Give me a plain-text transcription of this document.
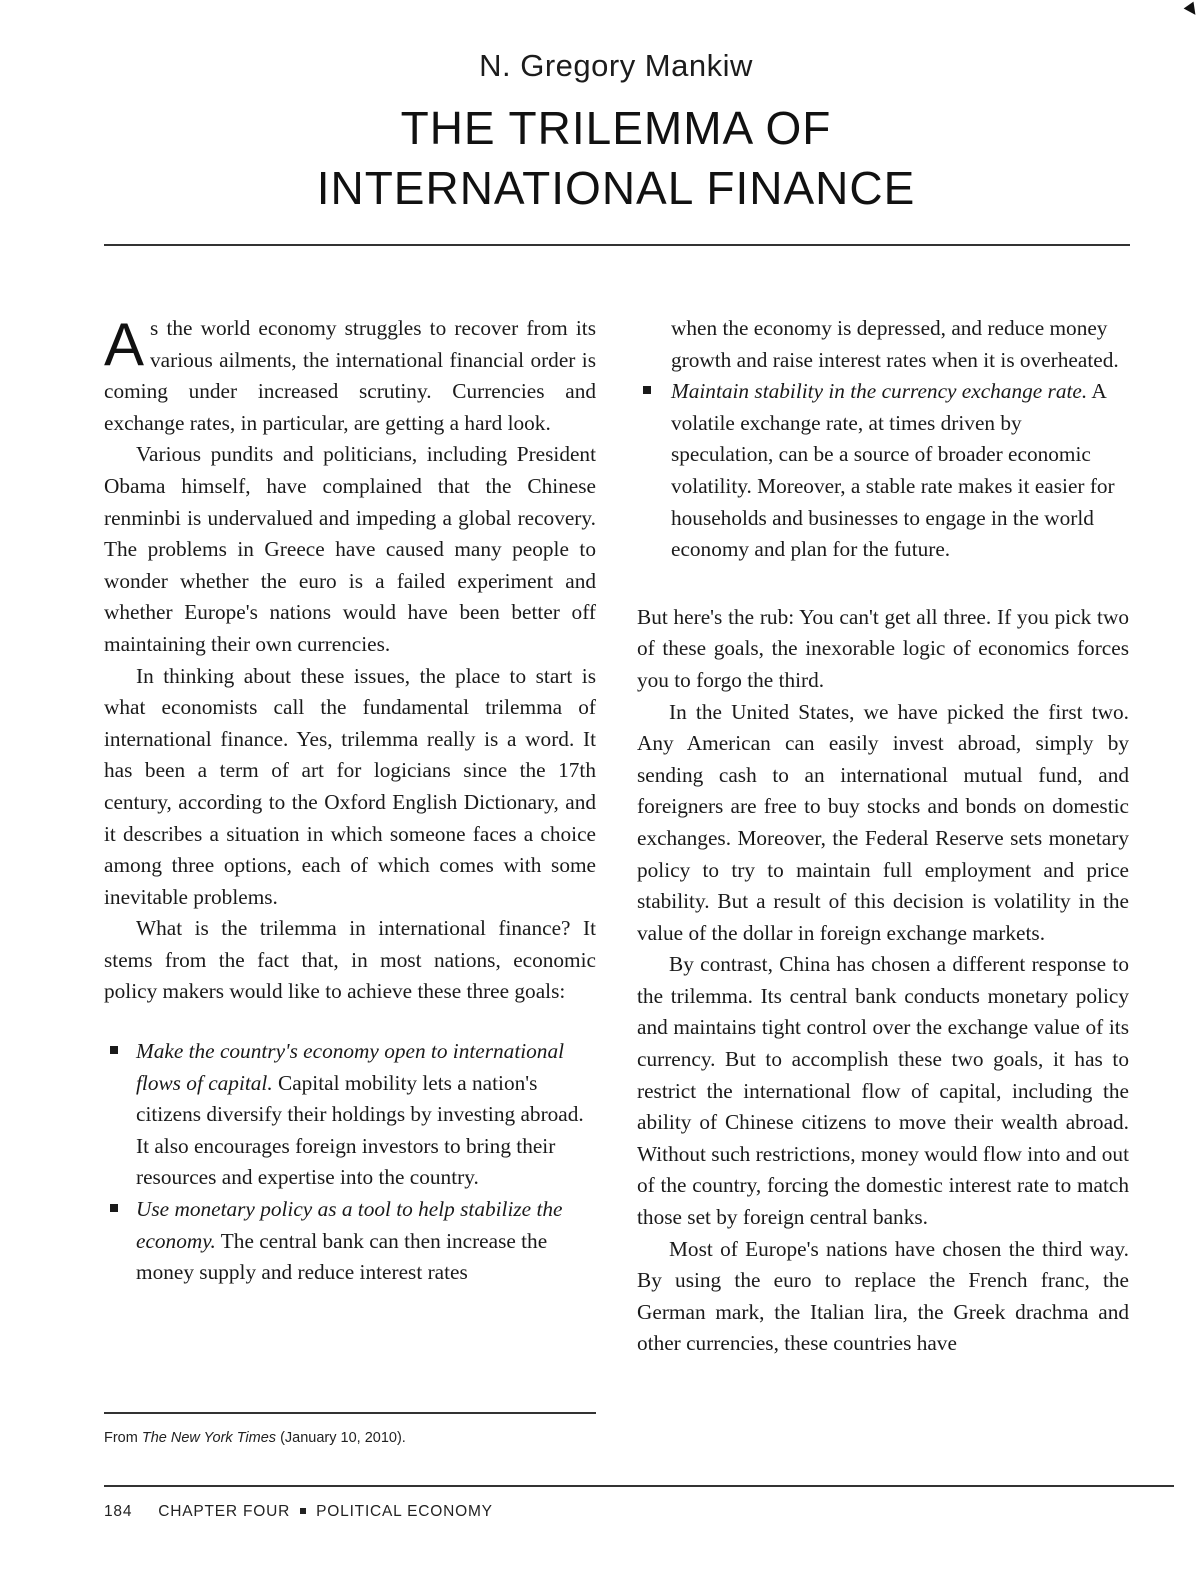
N. Gregory Mankiw
THE TRILEMMA OF
INTERNATIONAL FINANCE

As the world economy struggles to recover from its various ailments, the international financial order is coming under increased scrutiny. Currencies and exchange rates, in particular, are getting a hard look.

Various pundits and politicians, including President Obama himself, have complained that the Chinese renminbi is undervalued and impeding a global recovery. The problems in Greece have caused many people to wonder whether the euro is a failed experiment and whether Europe's nations would have been better off maintaining their own currencies.

In thinking about these issues, the place to start is what economists call the fundamental trilemma of international finance. Yes, trilemma really is a word. It has been a term of art for logicians since the 17th century, according to the Oxford English Dictionary, and it describes a situation in which someone faces a choice among three options, each of which comes with some inevitable problems.

What is the trilemma in international finance? It stems from the fact that, in most nations, economic policy makers would like to achieve these three goals:

Make the country's economy open to international flows of capital. Capital mobility lets a nation's citizens diversify their holdings by investing abroad. It also encourages foreign investors to bring their resources and expertise into the country.
Use monetary policy as a tool to help stabilize the economy. The central bank can then increase the money supply and reduce interest rates
From The New York Times (January 10, 2010).
when the economy is depressed, and reduce money growth and raise interest rates when it is overheated.
Maintain stability in the currency exchange rate. A volatile exchange rate, at times driven by speculation, can be a source of broader economic volatility. Moreover, a stable rate makes it easier for households and businesses to engage in the world economy and plan for the future.

But here's the rub: You can't get all three. If you pick two of these goals, the inexorable logic of economics forces you to forgo the third.

In the United States, we have picked the first two. Any American can easily invest abroad, simply by sending cash to an international mutual fund, and foreigners are free to buy stocks and bonds on domestic exchanges. Moreover, the Federal Reserve sets monetary policy to try to maintain full employment and price stability. But a result of this decision is volatility in the value of the dollar in foreign exchange markets.

By contrast, China has chosen a different response to the trilemma. Its central bank conducts monetary policy and maintains tight control over the exchange value of its currency. But to accomplish these two goals, it has to restrict the international flow of capital, including the ability of Chinese citizens to move their wealth abroad. Without such restrictions, money would flow into and out of the country, forcing the domestic interest rate to match those set by foreign central banks.

Most of Europe's nations have chosen the third way. By using the euro to replace the French franc, the German mark, the Italian lira, the Greek drachma and other currencies, these countries have

184 CHAPTER FOUR POLITICAL ECONOMY
